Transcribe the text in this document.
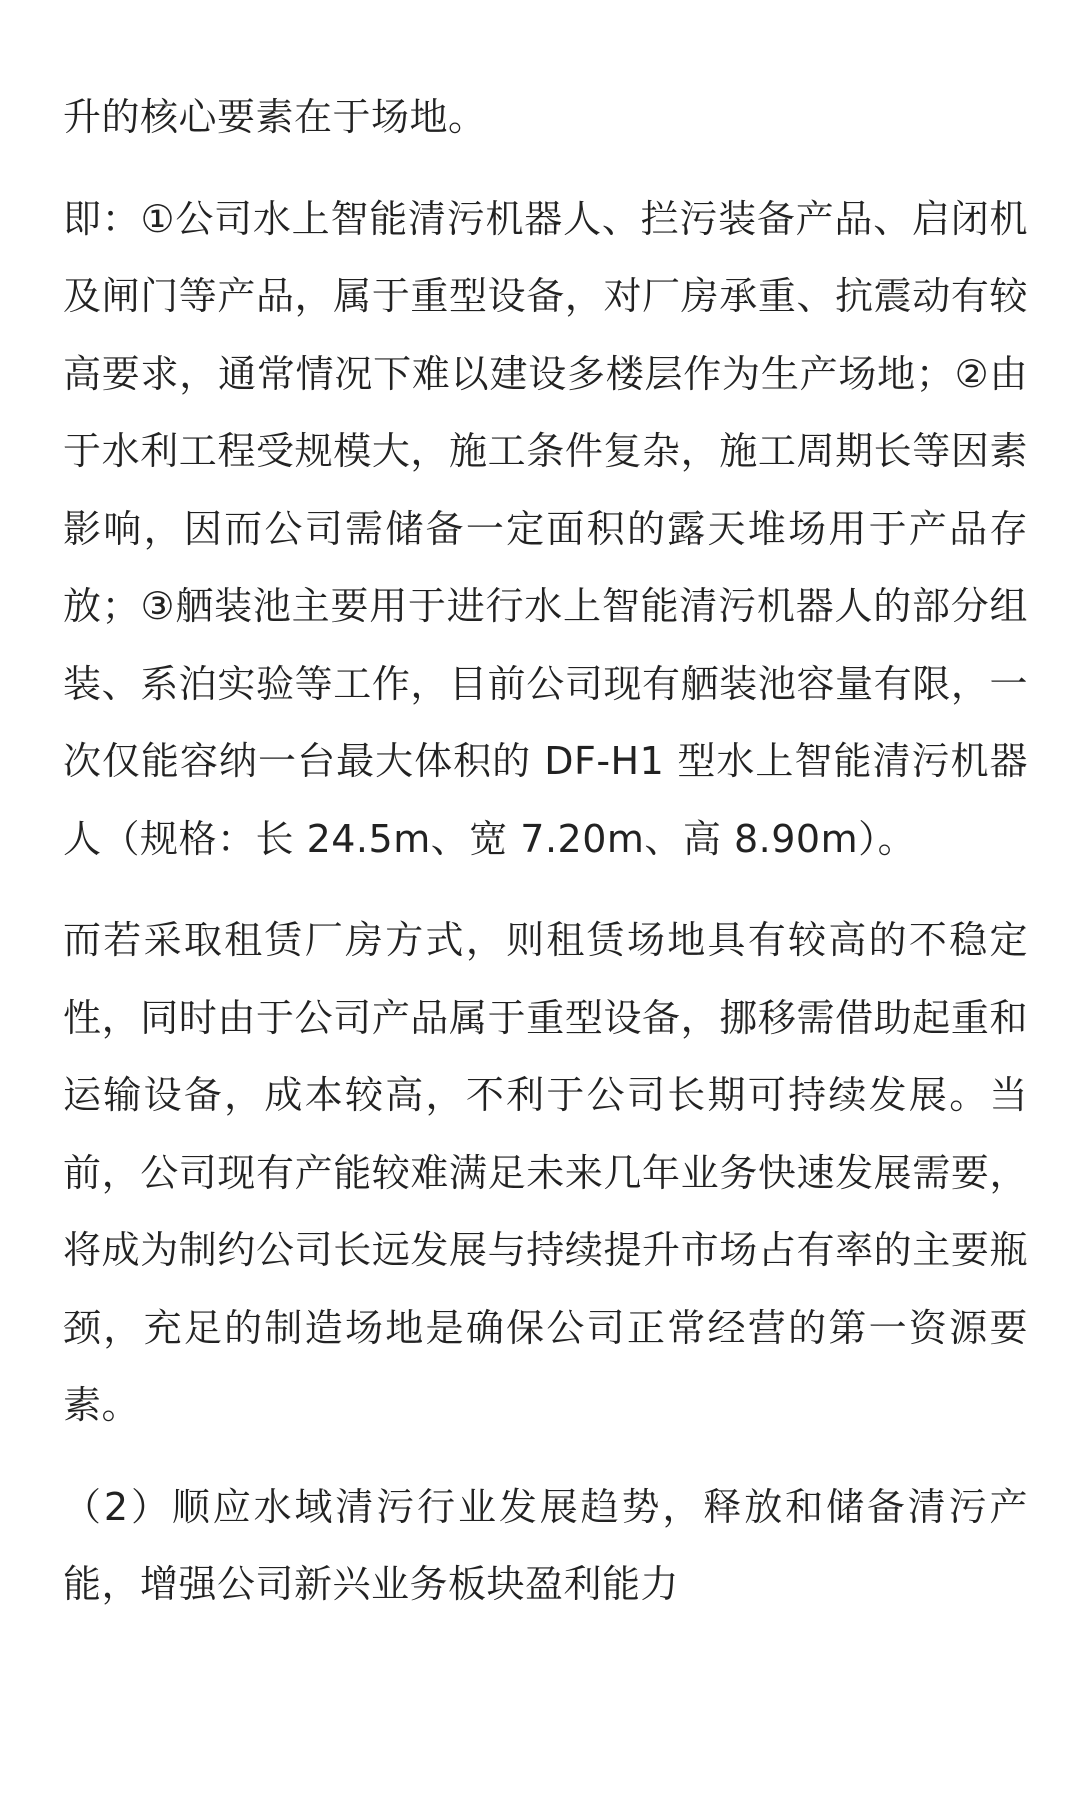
升的核心要素在于场地。

即：①公司水上智能清污机器人、拦污装备产品、启闭机及闸门等产品，属于重型设备，对厂房承重、抗震动有较高要求，通常情况下难以建设多楼层作为生产场地；②由于水利工程受规模大，施工条件复杂，施工周期长等因素影响，因而公司需储备一定面积的露天堆场用于产品存放；③舾装池主要用于进行水上智能清污机器人的部分组装、系泊实验等工作，目前公司现有舾装池容量有限，一次仅能容纳一台最大体积的 DF-H1 型水上智能清污机器人（规格：长 24.5m、宽 7.20m、高 8.90m）。

而若采取租赁厂房方式，则租赁场地具有较高的不稳定性，同时由于公司产品属于重型设备，挪移需借助起重和运输设备，成本较高，不利于公司长期可持续发展。当前，公司现有产能较难满足未来几年业务快速发展需要，将成为制约公司长远发展与持续提升市场占有率的主要瓶颈，充足的制造场地是确保公司正常经营的第一资源要素。

（2）顺应水域清污行业发展趋势，释放和储备清污产能，增强公司新兴业务板块盈利能力
